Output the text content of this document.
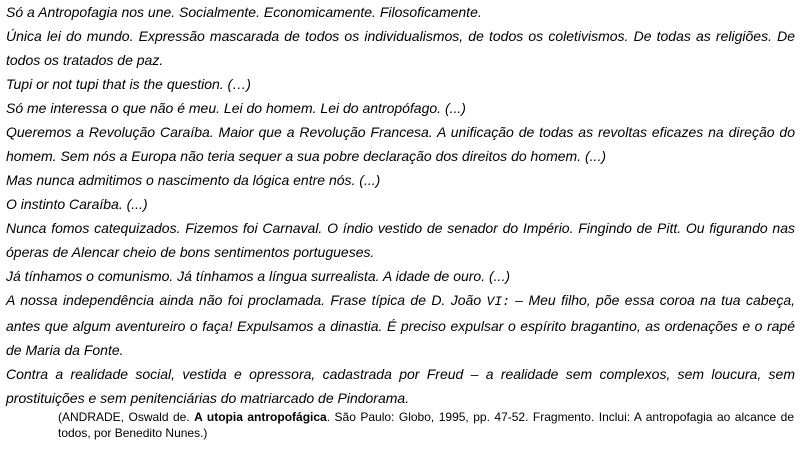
Só a Antropofagia nos une. Socialmente. Economicamente. Filosoficamente.

Única lei do mundo. Expressão mascarada de todos os individualismos, de todos os coletivismos. De todas as religiões. De todos os tratados de paz.

Tupi or not tupi that is the question. (…)

Só me interessa o que não é meu. Lei do homem. Lei do antropófago. (...)

Queremos a Revolução Caraíba. Maior que a Revolução Francesa. A unificação de todas as revoltas eficazes na direção do homem. Sem nós a Europa não teria sequer a sua pobre declaração dos direitos do homem. (...)

Mas nunca admitimos o nascimento da lógica entre nós. (...)

O instinto Caraíba. (...)

Nunca fomos catequizados. Fizemos foi Carnaval. O índio vestido de senador do Império. Fingindo de Pitt. Ou figurando nas óperas de Alencar cheio de bons sentimentos portugueses.

Já tínhamos o comunismo. Já tínhamos a língua surrealista. A idade de ouro. (...)

A nossa independência ainda não foi proclamada. Frase típica de D. João VI: – Meu filho, põe essa coroa na tua cabeça, antes que algum aventureiro o faça! Expulsamos a dinastia. É preciso expulsar o espírito bragantino, as ordenações e o rapé de Maria da Fonte.

Contra a realidade social, vestida e opressora, cadastrada por Freud – a realidade sem complexos, sem loucura, sem prostituições e sem penitenciárias do matriarcado de Pindorama.

(ANDRADE, Oswald de. A utopia antropofágica. São Paulo: Globo, 1995, pp. 47-52. Fragmento. Inclui: A antropofagia ao alcance de todos, por Benedito Nunes.)
